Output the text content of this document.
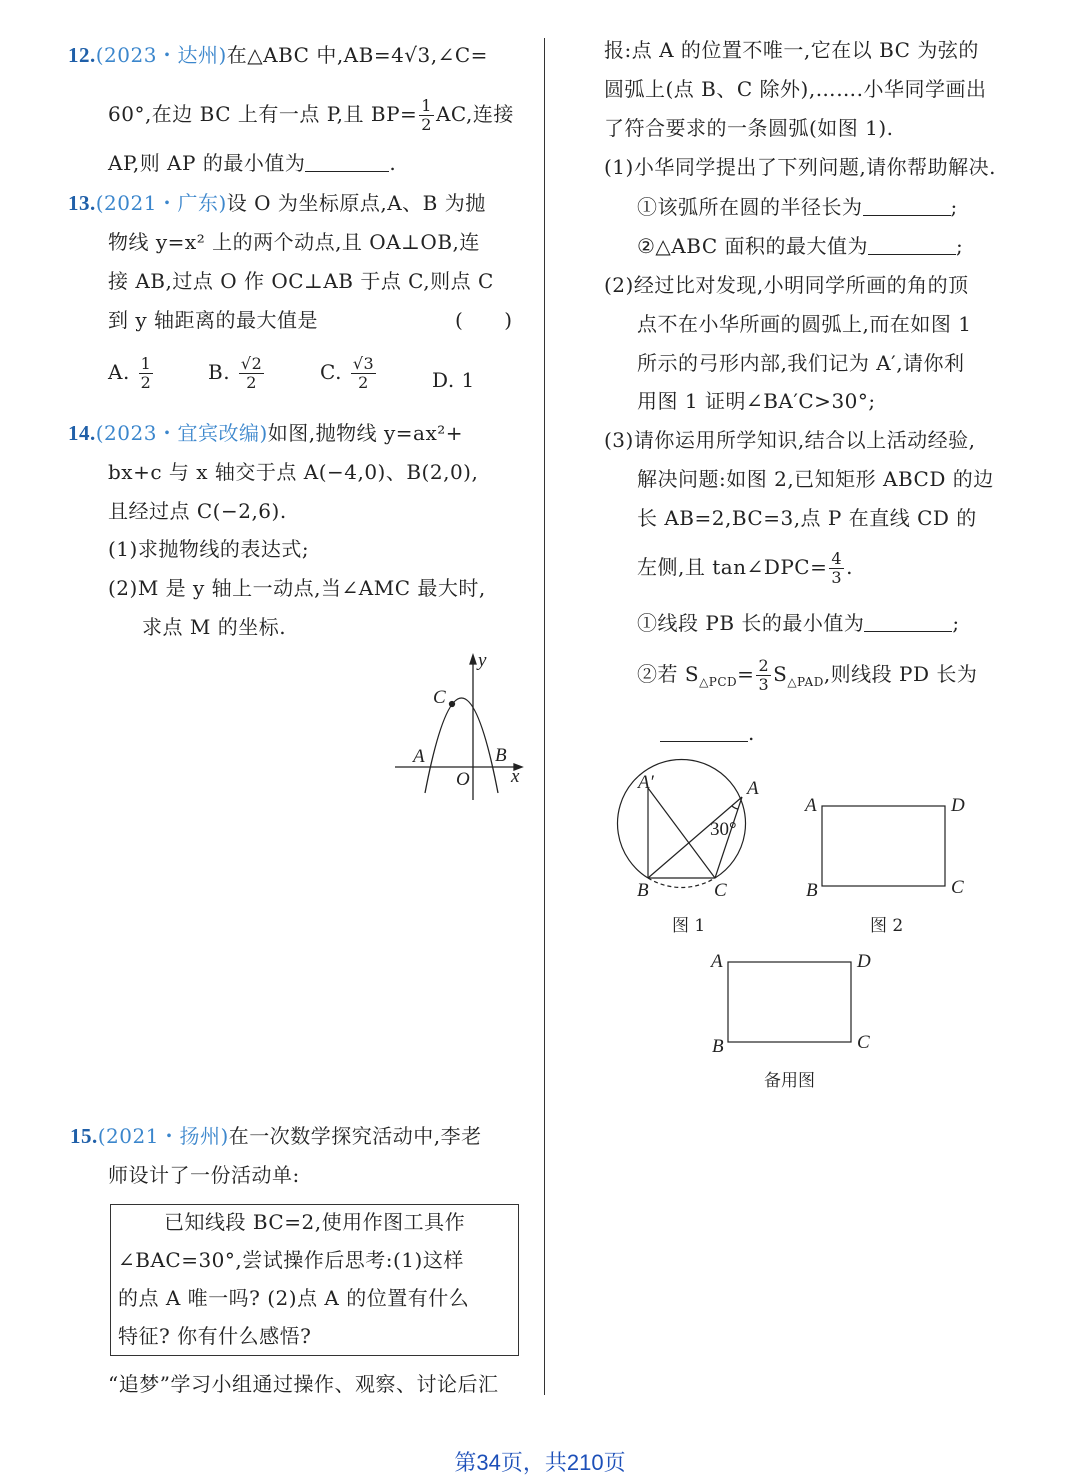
12.(2023・达州)在△ABC 中,AB=4√3,∠C=
60°,在边 BC 上有一点 P,且 $BP= \frac{1}{2}$ AC,连接
AP,则 AP 的最小值为	.
13.(2021・广东)设 O 为坐标原点,A、B 为抛
物线 y=x² 上的两个动点,且 OA⊥OB,连
接 AB,过点 O 作 OC⊥AB 于点 C,则点 C
到 y 轴距离的最大值是	(　　)
A. $\frac{1}{2}$	B. $\frac{√2}{2}$	C. $\frac{√3}{2}$	D. 1
14.(2023・宜宾改编)如图,抛物线 y=ax²+
bx+c 与 x 轴交于点 A(−4,0)、B(2,0),
且经过点 C(−2,6).
(1)求抛物线的表达式;
(2)M 是 y 轴上一动点,当∠AMC 最大时,
求点 M 的坐标.
y
C
A	B
O x
15.(2021・扬州)在一次数学探究活动中,李老
师设计了一份活动单:
已知线段 BC=2,使用作图工具作
∠BAC=30°,尝试操作后思考:(1)这样
的点 A 唯一吗? (2)点 A 的位置有什么
特征? 你有什么感悟?
“追梦”学习小组通过操作、观察、讨论后汇
报:点 A 的位置不唯一,它在以 BC 为弦的
圆弧上(点 B、C 除外),…….小华同学画出
了符合要求的一条圆弧(如图 1).
(1)小华同学提出了下列问题,请你帮助解决.
①该弧所在圆的半径长为	;
②△ABC 面积的最大值为	;
(2)经过比对发现,小明同学所画的角的顶
点不在小华所画的圆弧上,而在如图 1
所示的弓形内部,我们记为 A′,请你利
用图 1 证明∠BA′C>30°;
(3)请你运用所学知识,结合以上活动经验,
解决问题:如图 2,已知矩形 ABCD 的边
长 AB=2,BC=3,点 P 在直线 CD 的
左侧,且 tan∠DPC= $\frac{4}{3}$ .
①线段 PB 长的最小值为	;
②若 $S_{\triangle PCD}= \frac{2}{3} S_{\triangle PAD}$,则线段 PD 长为
.
A′	A
B	C
30°
图 1
A	D
B	C
图 2
A	D
B	C
备用图
第34页，共210页
